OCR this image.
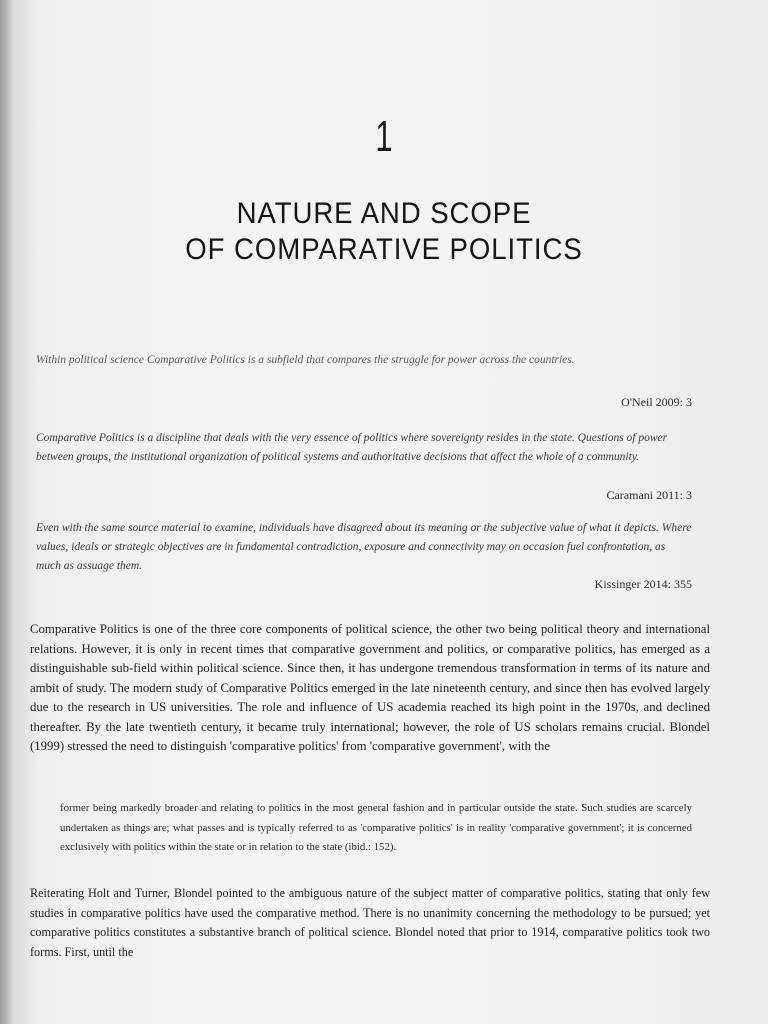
1
NATURE AND SCOPE
OF COMPARATIVE POLITICS
Within political science Comparative Politics is a subfield that compares the struggle for power across the countries.
O'Neil 2009: 3
Comparative Politics is a discipline that deals with the very essence of politics where sovereignty resides in the state. Questions of power between groups, the institutional organization of political systems and authoritative decisions that affect the whole of a community.
Caramani 2011: 3
Even with the same source material to examine, individuals have disagreed about its meaning or the subjective value of what it depicts. Where values, ideals or strategic objectives are in fundamental contradiction, exposure and connectivity may on occasion fuel confrontation, as much as assuage them.
Kissinger 2014: 355
Comparative Politics is one of the three core components of political science, the other two being political theory and international relations. However, it is only in recent times that comparative government and politics, or comparative politics, has emerged as a distinguishable sub-field within political science. Since then, it has undergone tremendous transformation in terms of its nature and ambit of study. The modern study of Comparative Politics emerged in the late nineteenth century, and since then has evolved largely due to the research in US universities. The role and influence of US academia reached its high point in the 1970s, and declined thereafter. By the late twentieth century, it became truly international; however, the role of US scholars remains crucial. Blondel (1999) stressed the need to distinguish 'comparative politics' from 'comparative government', with the
former being markedly broader and relating to politics in the most general fashion and in particular outside the state. Such studies are scarcely undertaken as things are; what passes and is typically referred to as 'comparative politics' is in reality 'comparative government'; it is concerned exclusively with politics within the state or in relation to the state (ibid.: 152).
Reiterating Holt and Turner, Blondel pointed to the ambiguous nature of the subject matter of comparative politics, stating that only few studies in comparative politics have used the comparative method. There is no unanimity concerning the methodology to be pursued; yet comparative politics constitutes a substantive branch of political science. Blondel noted that prior to 1914, comparative politics took two forms. First, until the
